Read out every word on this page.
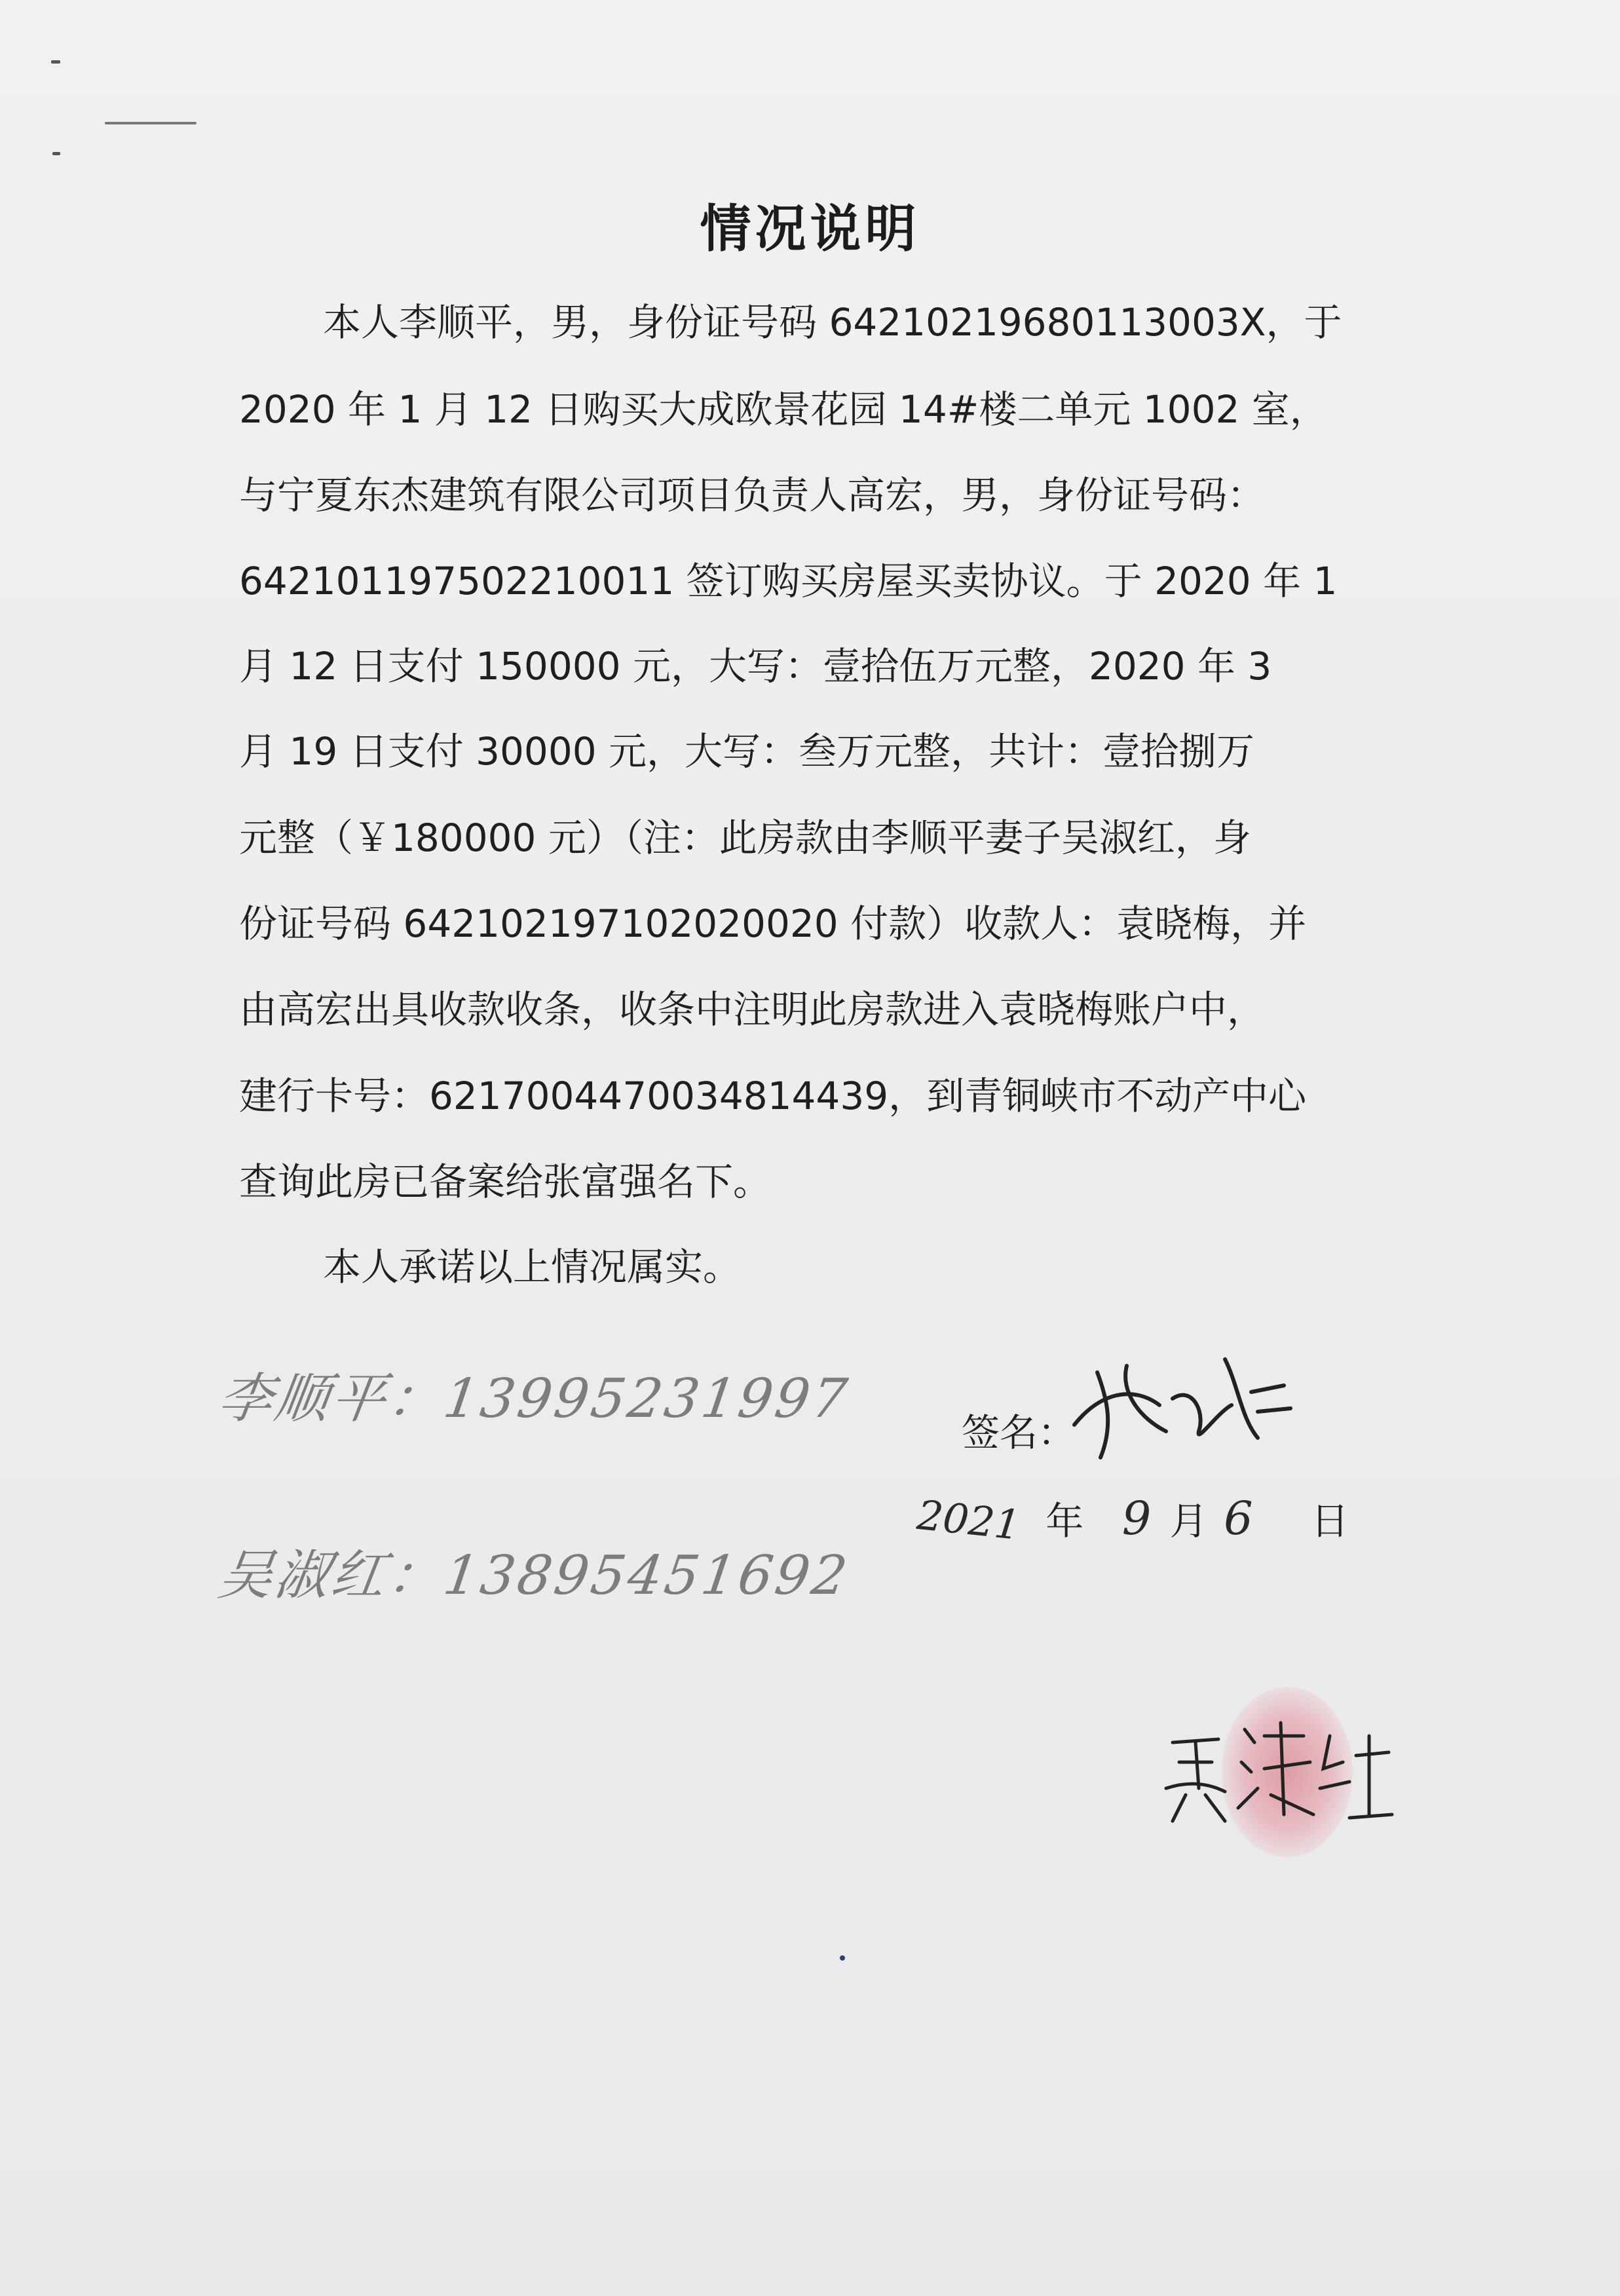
情况说明
本人李顺平，男，身份证号码 6421021968011300​3X，于
2020 年 1 月 12 日购买大成欧景花园 14#楼二单元 1002 室，
与宁夏东杰建筑有限公司项目负责人高宏，男，身份证号码：
642101197502210011 签订购买房屋买卖协议。于 2020 年 1
月 12 日支付 150000 元，大写：壹拾伍万元整，2020 年 3
月 19 日支付 30000 元，大写：叁万元整，共计：壹拾捌万
元整（￥180000 元）（注：此房款由李顺平妻子吴淑红，身
份证号码 642102197102020020 付款）收款人：袁晓梅，并
由高宏出具收款收条，收条中注明此房款进入袁晓梅账户中，
建行卡号：6217004470034814439，到青铜峡市不动产中心
查询此房已备案给张富强名下。
本人承诺以上情况属实。
李顺平：13995231997
吴淑红：13895451692
签名：
2021 年 9 月 6 日
